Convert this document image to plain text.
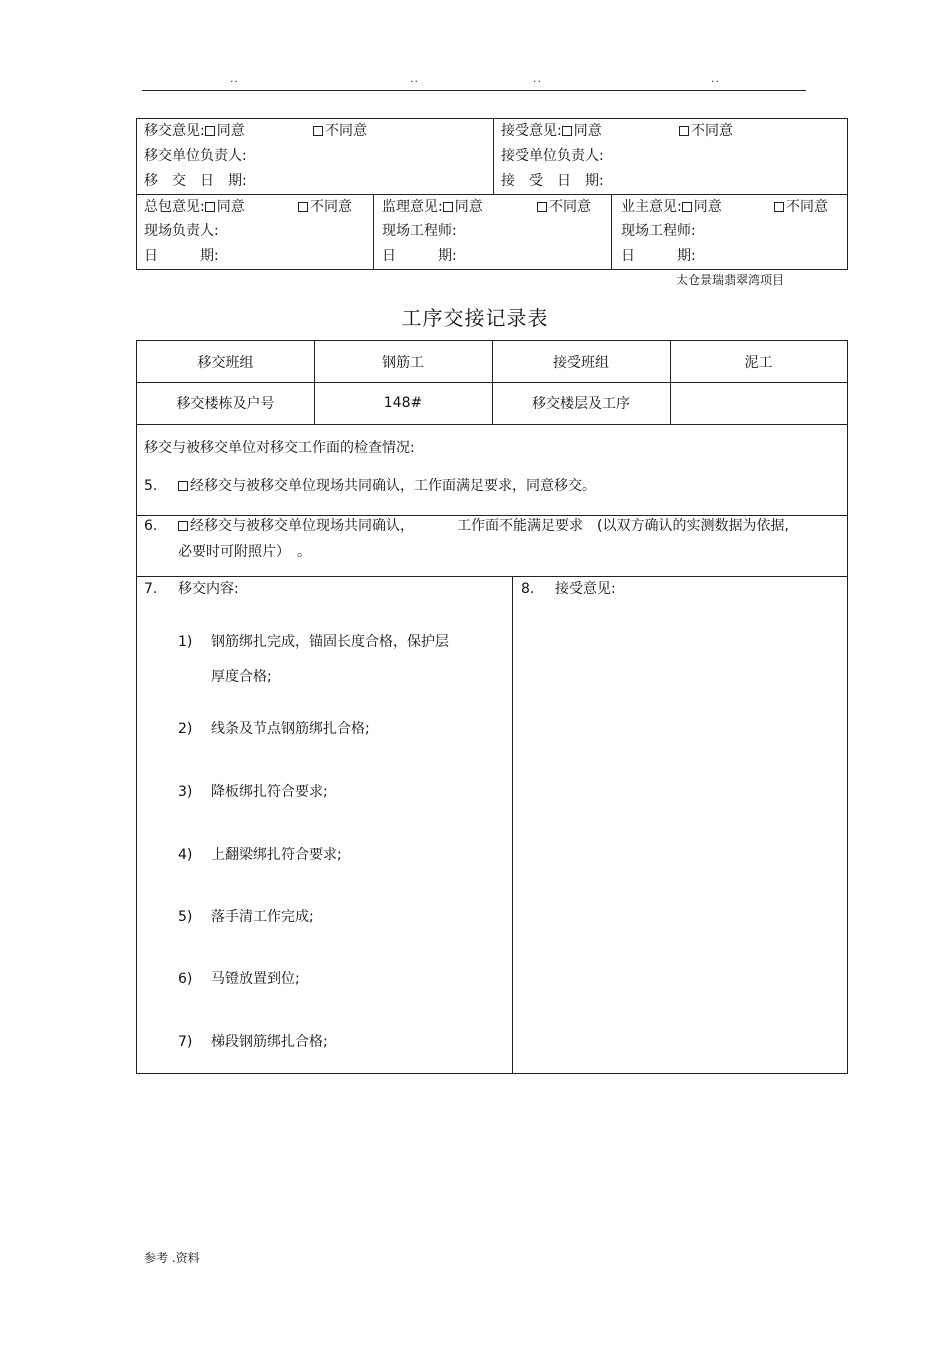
..	..	..	..
移交意见: 同意	不同意
移交单位负责人:
移　交　日　期:
接受意见: 同意	不同意
接受单位负责人:
接　受　日　期:
总包意见: 同意	不同意
现场负责人:
日　　　期:
监理意见: 同意	不同意
现场工程师:
日　　　期:
业主意见: 同意	不同意
现场工程师:
日　　　期:
太仓景瑞翡翠湾项目
工序交接记录表
移交班组	钢筋工	接受班组	泥工
移交楼栋及户号	148#	移交楼层及工序
移交与被移交单位对移交工作面的检查情况:
5.	经移交与被移交单位现场共同确认，工作面满足要求，同意移交。
6.	经移交与被移交单位现场共同确认，	工作面不能满足要求　(以双方确认的实测数据为依据,
必要时可附照片）　。
7. 移交内容:
1) 钢筋绑扎完成，锚固长度合格，保护层
厚度合格;
2) 线条及节点钢筋绑扎合格;
3) 降板绑扎符合要求;
4) 上翻梁绑扎符合要求;
5) 落手清工作完成;
6) 马镫放置到位;
7) 梯段钢筋绑扎合格;
8. 接受意见:
参考 .资料
